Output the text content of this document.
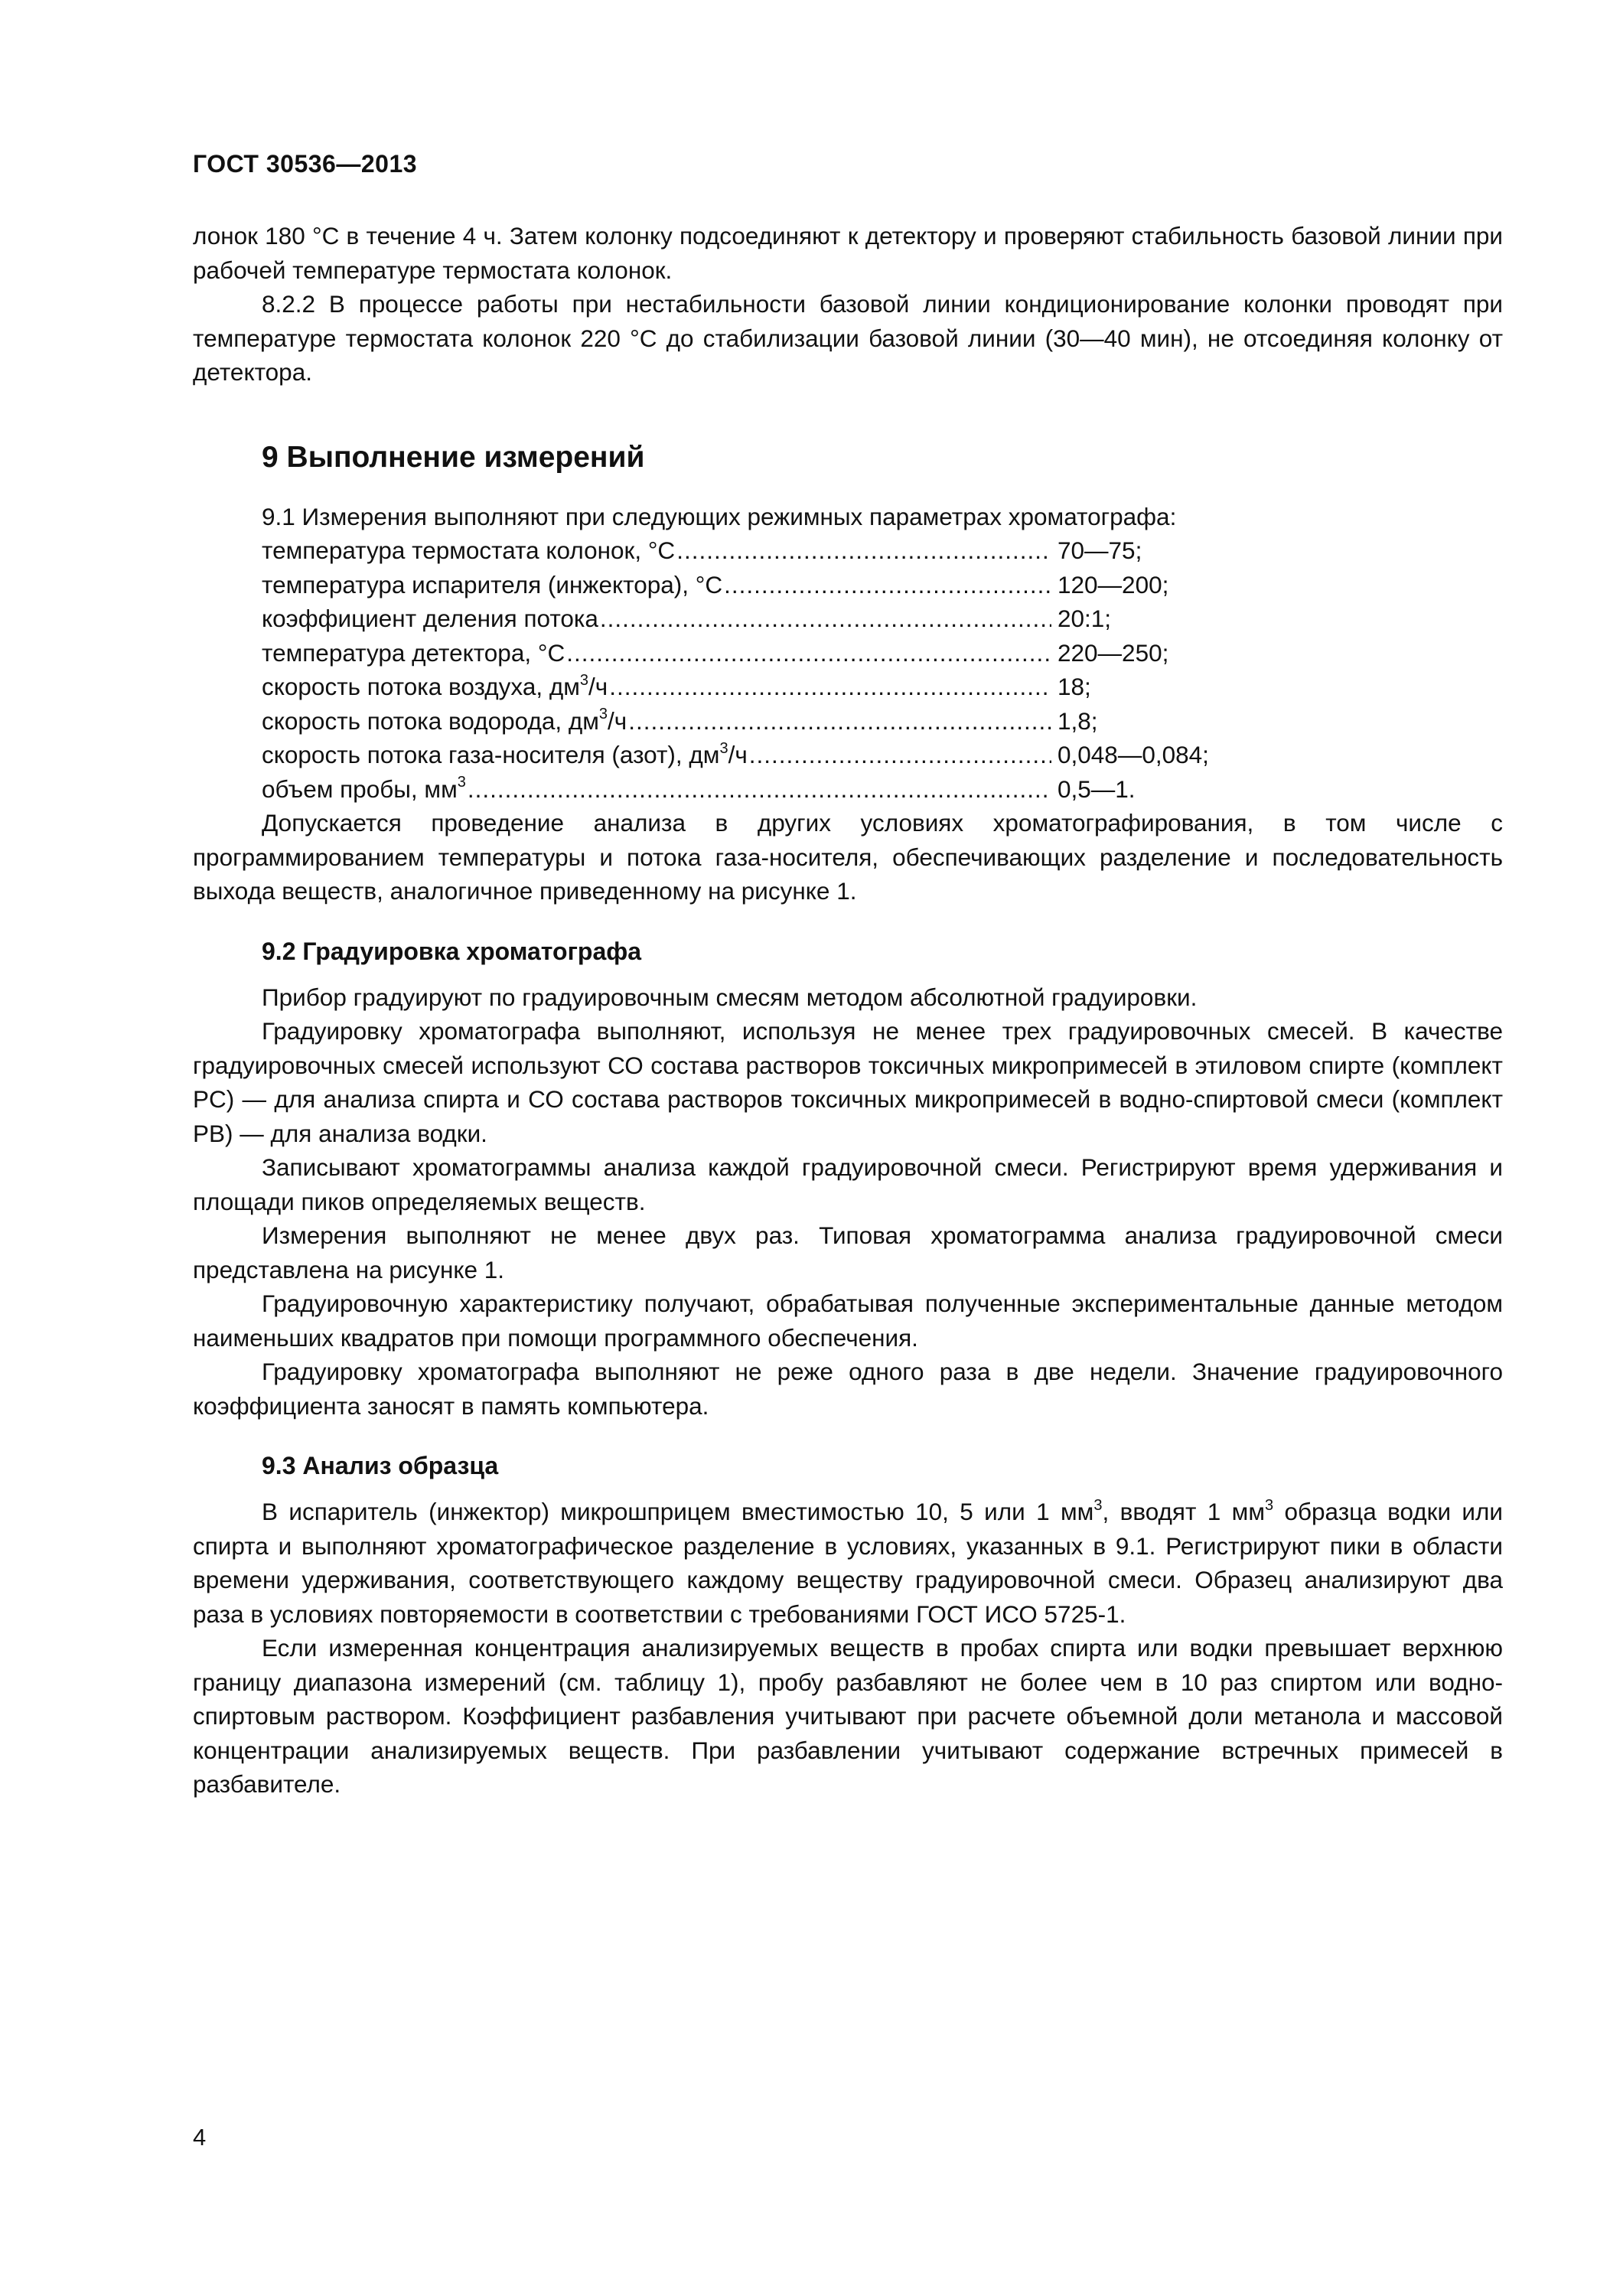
ГОСТ 30536—2013

лонок 180 °С в течение 4 ч. Затем колонку подсоединяют к детектору и проверяют стабильность базовой линии при рабочей температуре термостата колонок.

8.2.2 В процессе работы при нестабильности базовой линии кондиционирование колонки проводят при температуре термостата колонок 220 °С до стабилизации базовой линии (30—40 мин), не отсоединяя колонку от детектора.

9 Выполнение измерений

9.1 Измерения выполняют при следующих режимных параметрах хроматографа:

температура термостата колонок, °С .....	70—75;
температура испарителя (инжектора), °С .....	120—200;
коэффициент деления потока .....	20:1;
температура детектора, °С .....	220—250;
скорость потока воздуха, $дм^3/ч$ .....	18;
скорость потока водорода, $дм^3/ч$ .....	1,8;
скорость потока газа-носителя (азот), $дм^3/ч$ .....	0,048—0,084;
объем пробы, $мм^3$ .....	0,5—1.

Допускается проведение анализа в других условиях хроматографирования, в том числе с программированием температуры и потока газа-носителя, обеспечивающих разделение и последовательность выхода веществ, аналогичное приведенному на рисунке 1.

9.2 Градуировка хроматографа

Прибор градуируют по градуировочным смесям методом абсолютной градуировки.

Градуировку хроматографа выполняют, используя не менее трех градуировочных смесей. В качестве градуировочных смесей используют СО состава растворов токсичных микропримесей в этиловом спирте (комплект PC) — для анализа спирта и СО состава растворов токсичных микропримесей в водно-спиртовой смеси (комплект РВ) — для анализа водки.

Записывают хроматограммы анализа каждой градуировочной смеси. Регистрируют время удерживания и площади пиков определяемых веществ.

Измерения выполняют не менее двух раз. Типовая хроматограмма анализа градуировочной смеси представлена на рисунке 1.

Градуировочную характеристику получают, обрабатывая полученные экспериментальные данные методом наименьших квадратов при помощи программного обеспечения.

Градуировку хроматографа выполняют не реже одного раза в две недели. Значение градуировочного коэффициента заносят в память компьютера.

9.3 Анализ образца

В испаритель (инжектор) микрошприцем вместимостью 10, 5 или 1 $мм^3$, вводят 1 $мм^3$ образца водки или спирта и выполняют хроматографическое разделение в условиях, указанных в 9.1. Регистрируют пики в области времени удерживания, соответствующего каждому веществу градуировочной смеси. Образец анализируют два раза в условиях повторяемости в соответствии с требованиями ГОСТ ИСО 5725-1.

Если измеренная концентрация анализируемых веществ в пробах спирта или водки превышает верхнюю границу диапазона измерений (см. таблицу 1), пробу разбавляют не более чем в 10 раз спиртом или водно-спиртовым раствором. Коэффициент разбавления учитывают при расчете объемной доли метанола и массовой концентрации анализируемых веществ. При разбавлении учитывают содержание встречных примесей в разбавителе.

4
